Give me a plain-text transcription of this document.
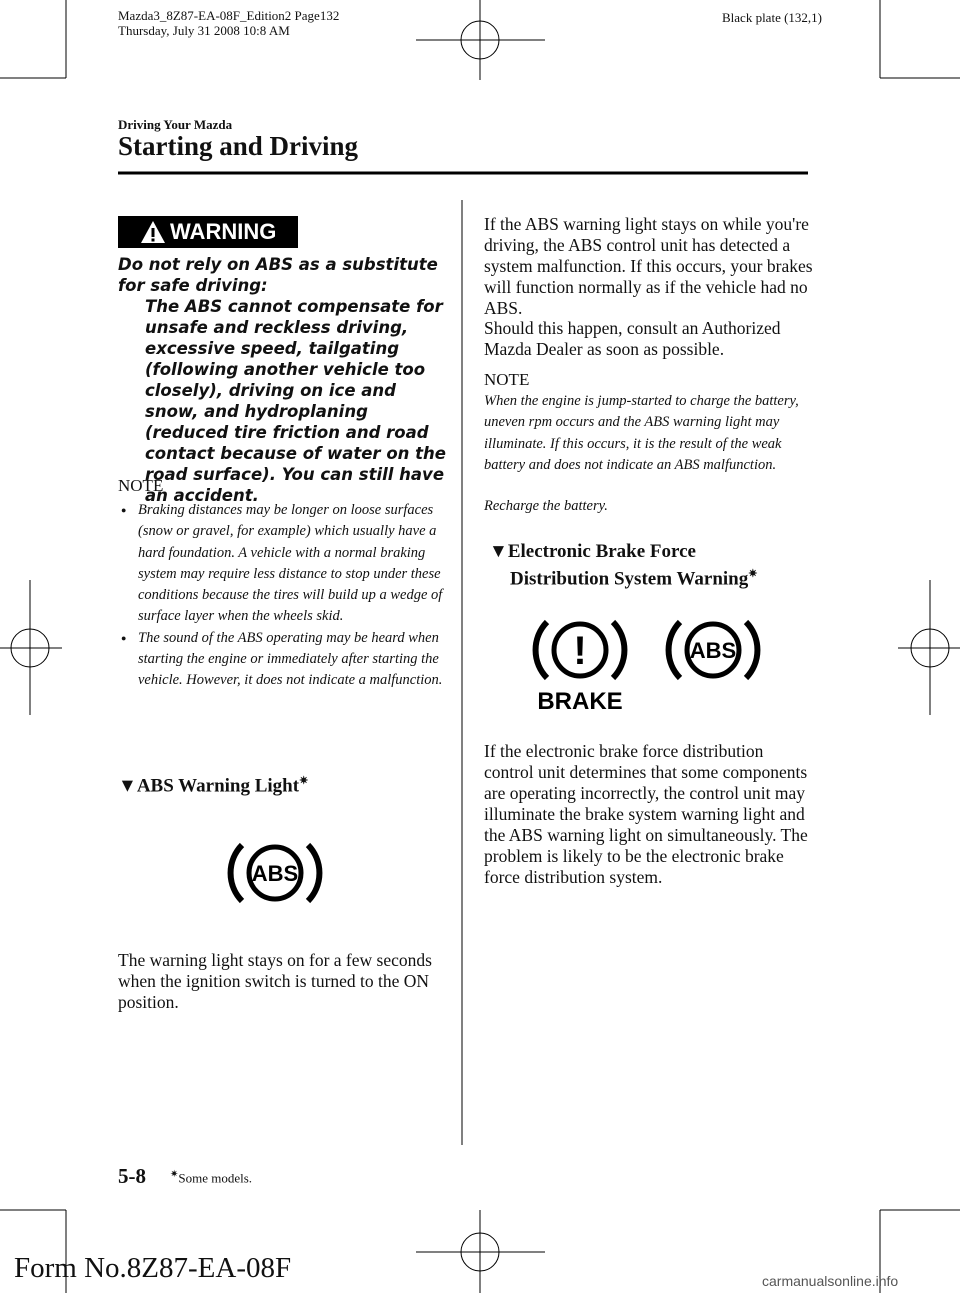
Mazda3_8Z87-EA-08F_Edition2 Page132
Thursday, July 31 2008 10:8 AM
Black plate (132,1)
Driving Your Mazda
Starting and Driving
WARNING
Do not rely on ABS as a substitute for safe driving:
The ABS cannot compensate for unsafe and reckless driving, excessive speed, tailgating (following another vehicle too closely), driving on ice and snow, and hydroplaning (reduced tire friction and road contact because of water on the road surface). You can still have an accident.
NOTE
● Braking distances may be longer on loose surfaces (snow or gravel, for example) which usually have a hard foundation. A vehicle with a normal braking system may require less distance to stop under these conditions because the tires will build up a wedge of surface layer when the wheels skid.
● The sound of the ABS operating may be heard when starting the engine or immediately after starting the vehicle. However, it does not indicate a malfunction.
▼ABS Warning Light✷
ABS
The warning light stays on for a few seconds when the ignition switch is turned to the ON position.
If the ABS warning light stays on while you're driving, the ABS control unit has detected a system malfunction. If this occurs, your brakes will function normally as if the vehicle had no ABS.
Should this happen, consult an Authorized Mazda Dealer as soon as possible.
NOTE
When the engine is jump-started to charge the battery, uneven rpm occurs and the ABS warning light may illuminate. If this occurs, it is the result of the weak battery and does not indicate an ABS malfunction.
Recharge the battery.
▼Electronic Brake Force
Distribution System Warning✷
!
BRAKE
ABS
If the electronic brake force distribution control unit determines that some components are operating incorrectly, the control unit may illuminate the brake system warning light and the ABS warning light on simultaneously. The problem is likely to be the electronic brake force distribution system.
5-8 ✷Some models.
Form No.8Z87-EA-08F	carmanualsonline.info
